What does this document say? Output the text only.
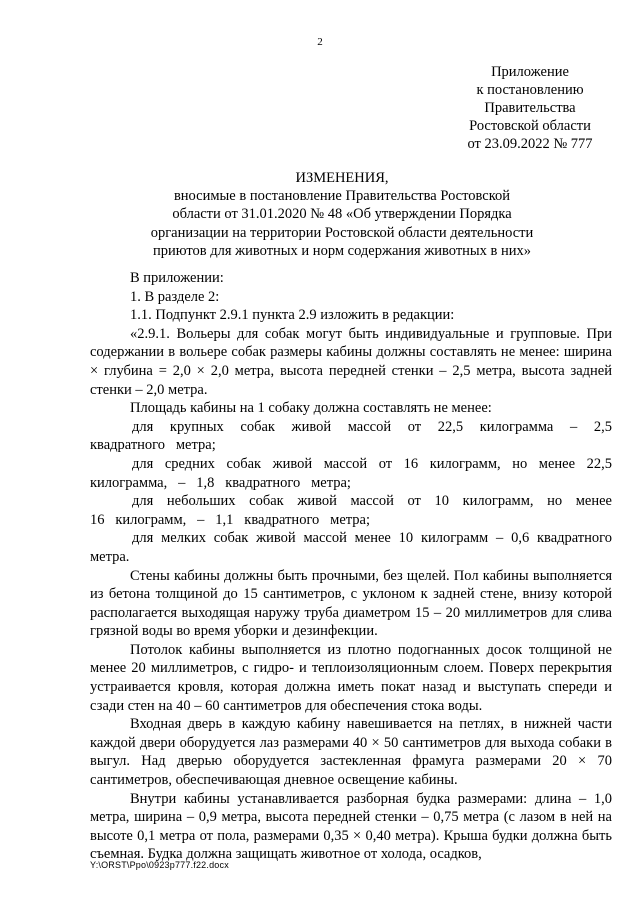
2
Приложение
к постановлению
Правительства
Ростовской области
от 23.09.2022 № 777
ИЗМЕНЕНИЯ,
вносимые в постановление Правительства Ростовской
области от 31.01.2020 № 48 «Об утверждении Порядка
организации на территории Ростовской области деятельности
приютов для животных и норм содержания животных в них»
В приложении:
1. В разделе 2:
1.1. Подпункт 2.9.1 пункта 2.9 изложить в редакции:

«2.9.1. Вольеры для собак могут быть индивидуальные и групповые. При содержании в вольере собак размеры кабины должны составлять не менее: ширина × глубина = 2,0 × 2,0 метра, высота передней стенки – 2,5 метра, высота задней стенки – 2,0 метра.

Площадь кабины на 1 собаку должна составлять не менее:

для крупных собак живой массой от 22,5 килограмма – 2,5 квадратного метра;

для средних собак живой массой от 16 килограмм, но менее 22,5 килограмма, – 1,8 квадратного метра;

для небольших собак живой массой от 10 килограмм, но менее 16 килограмм, – 1,1 квадратного метра;

для мелких собак живой массой менее 10 килограмм – 0,6 квадратного метра.

Стены кабины должны быть прочными, без щелей. Пол кабины выполняется из бетона толщиной до 15 сантиметров, с уклоном к задней стене, внизу которой располагается выходящая наружу труба диаметром 15 – 20 миллиметров для слива грязной воды во время уборки и дезинфекции.

Потолок кабины выполняется из плотно подогнанных досок толщиной не менее 20 миллиметров, с гидро- и теплоизоляционным слоем. Поверх перекрытия устраивается кровля, которая должна иметь покат назад и выступать спереди и сзади стен на 40 – 60 сантиметров для обеспечения стока воды.

Входная дверь в каждую кабину навешивается на петлях, в нижней части каждой двери оборудуется лаз размерами 40 × 50 сантиметров для выхода собаки в выгул. Над дверью оборудуется застекленная фрамуга размерами 20 × 70 сантиметров, обеспечивающая дневное освещение кабины.

Внутри кабины устанавливается разборная будка размерами: длина – 1,0 метра, ширина – 0,9 метра, высота передней стенки – 0,75 метра (с лазом в ней на высоте 0,1 метра от пола, размерами 0,35 × 0,40 метра). Крыша будки должна быть съемная. Будка должна защищать животное от холода, осадков,

Y:\ORST\Ppo\0923p777.f22.docx
